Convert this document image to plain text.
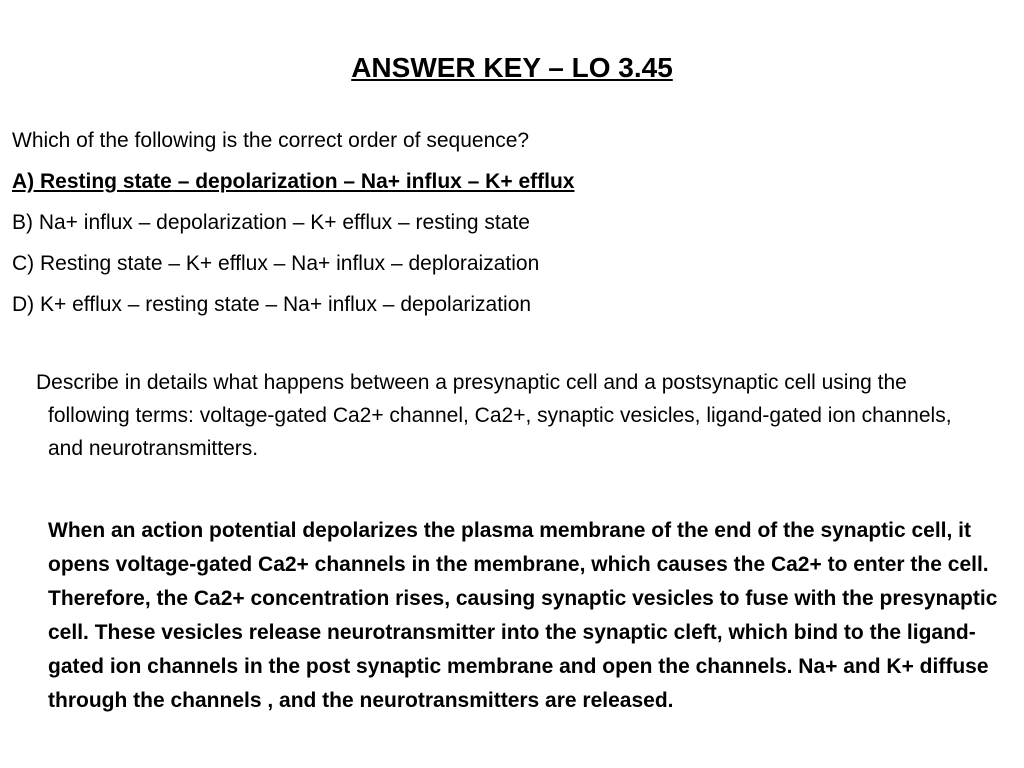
ANSWER KEY – LO 3.45
Which of the following is the correct order of sequence?
A) Resting state – depolarization – Na+ influx – K+ efflux
B) Na+ influx – depolarization – K+ efflux – resting state
C) Resting state – K+ efflux – Na+ influx – deploraization
D) K+ efflux – resting state – Na+ influx – depolarization
Describe in details what happens between a presynaptic cell and a postsynaptic cell using the following terms: voltage-gated Ca2+ channel, Ca2+, synaptic vesicles, ligand-gated ion channels, and neurotransmitters.
When an action potential depolarizes the plasma membrane of the end of the synaptic cell, it opens voltage-gated Ca2+ channels in the membrane, which causes the Ca2+ to enter the cell. Therefore, the Ca2+ concentration rises, causing synaptic vesicles to fuse with the presynaptic cell. These vesicles release neurotransmitter into the synaptic cleft, which bind to the ligand-gated ion channels in the post synaptic membrane and open the channels. Na+ and K+ diffuse through the channels , and the neurotransmitters are released.
